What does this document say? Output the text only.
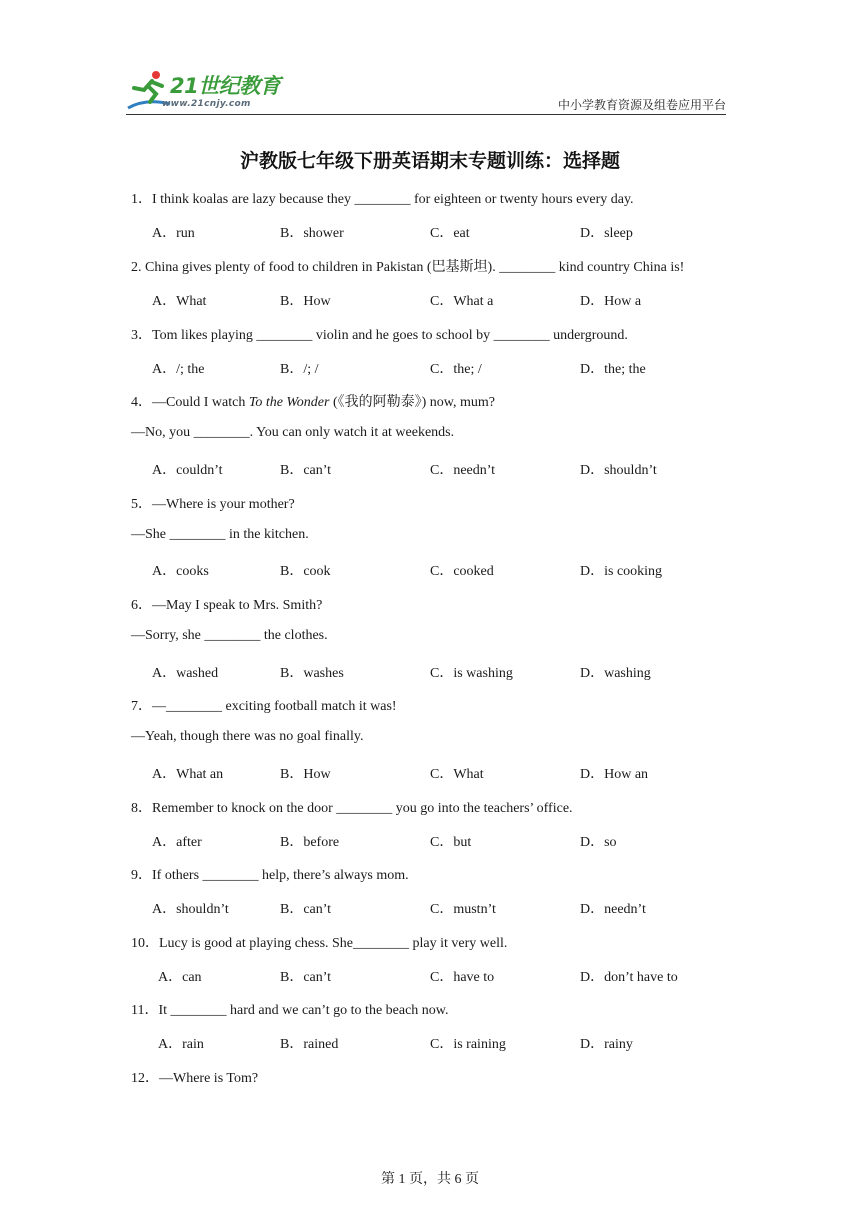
21世纪教育
www.21cnjy.com	中小学教育资源及组卷应用平台
沪教版七年级下册英语期末专题训练：选择题
1．I think koalas are lazy because they ________ for eighteen or twenty hours every day.
A．run	B．shower	C．eat	D．sleep
2. China gives plenty of food to children in Pakistan (巴基斯坦). ________ kind country China is!
A．What	B．How	C．What a	D．How a
3．Tom likes playing ________ violin and he goes to school by ________ underground.
A．/; the	B．/; /	C．the; /	D．the; the
4．—Could I watch To the Wonder (《我的阿勒泰》) now, mum?
—No, you ________. You can only watch it at weekends.
A．couldn’t	B．can’t	C．needn’t	D．shouldn’t
5．—Where is your mother?
—She ________ in the kitchen.
A．cooks	B．cook	C．cooked	D．is cooking
6．—May I speak to Mrs. Smith?
—Sorry, she ________ the clothes.
A．washed	B．washes	C．is washing	D．washing
7．—________ exciting football match it was!
—Yeah, though there was no goal finally.
A．What an	B．How	C．What	D．How an
8．Remember to knock on the door ________ you go into the teachers’ office.
A．after	B．before	C．but	D．so
9．If others ________ help, there’s always mom.
A．shouldn’t	B．can’t	C．mustn’t	D．needn’t
10．Lucy is good at playing chess. She________ play it very well.
A．can	B．can’t	C．have to	D．don’t have to
11．It ________ hard and we can’t go to the beach now.
A．rain	B．rained	C．is raining	D．rainy
12．—Where is Tom?
第 1 页，共 6 页
